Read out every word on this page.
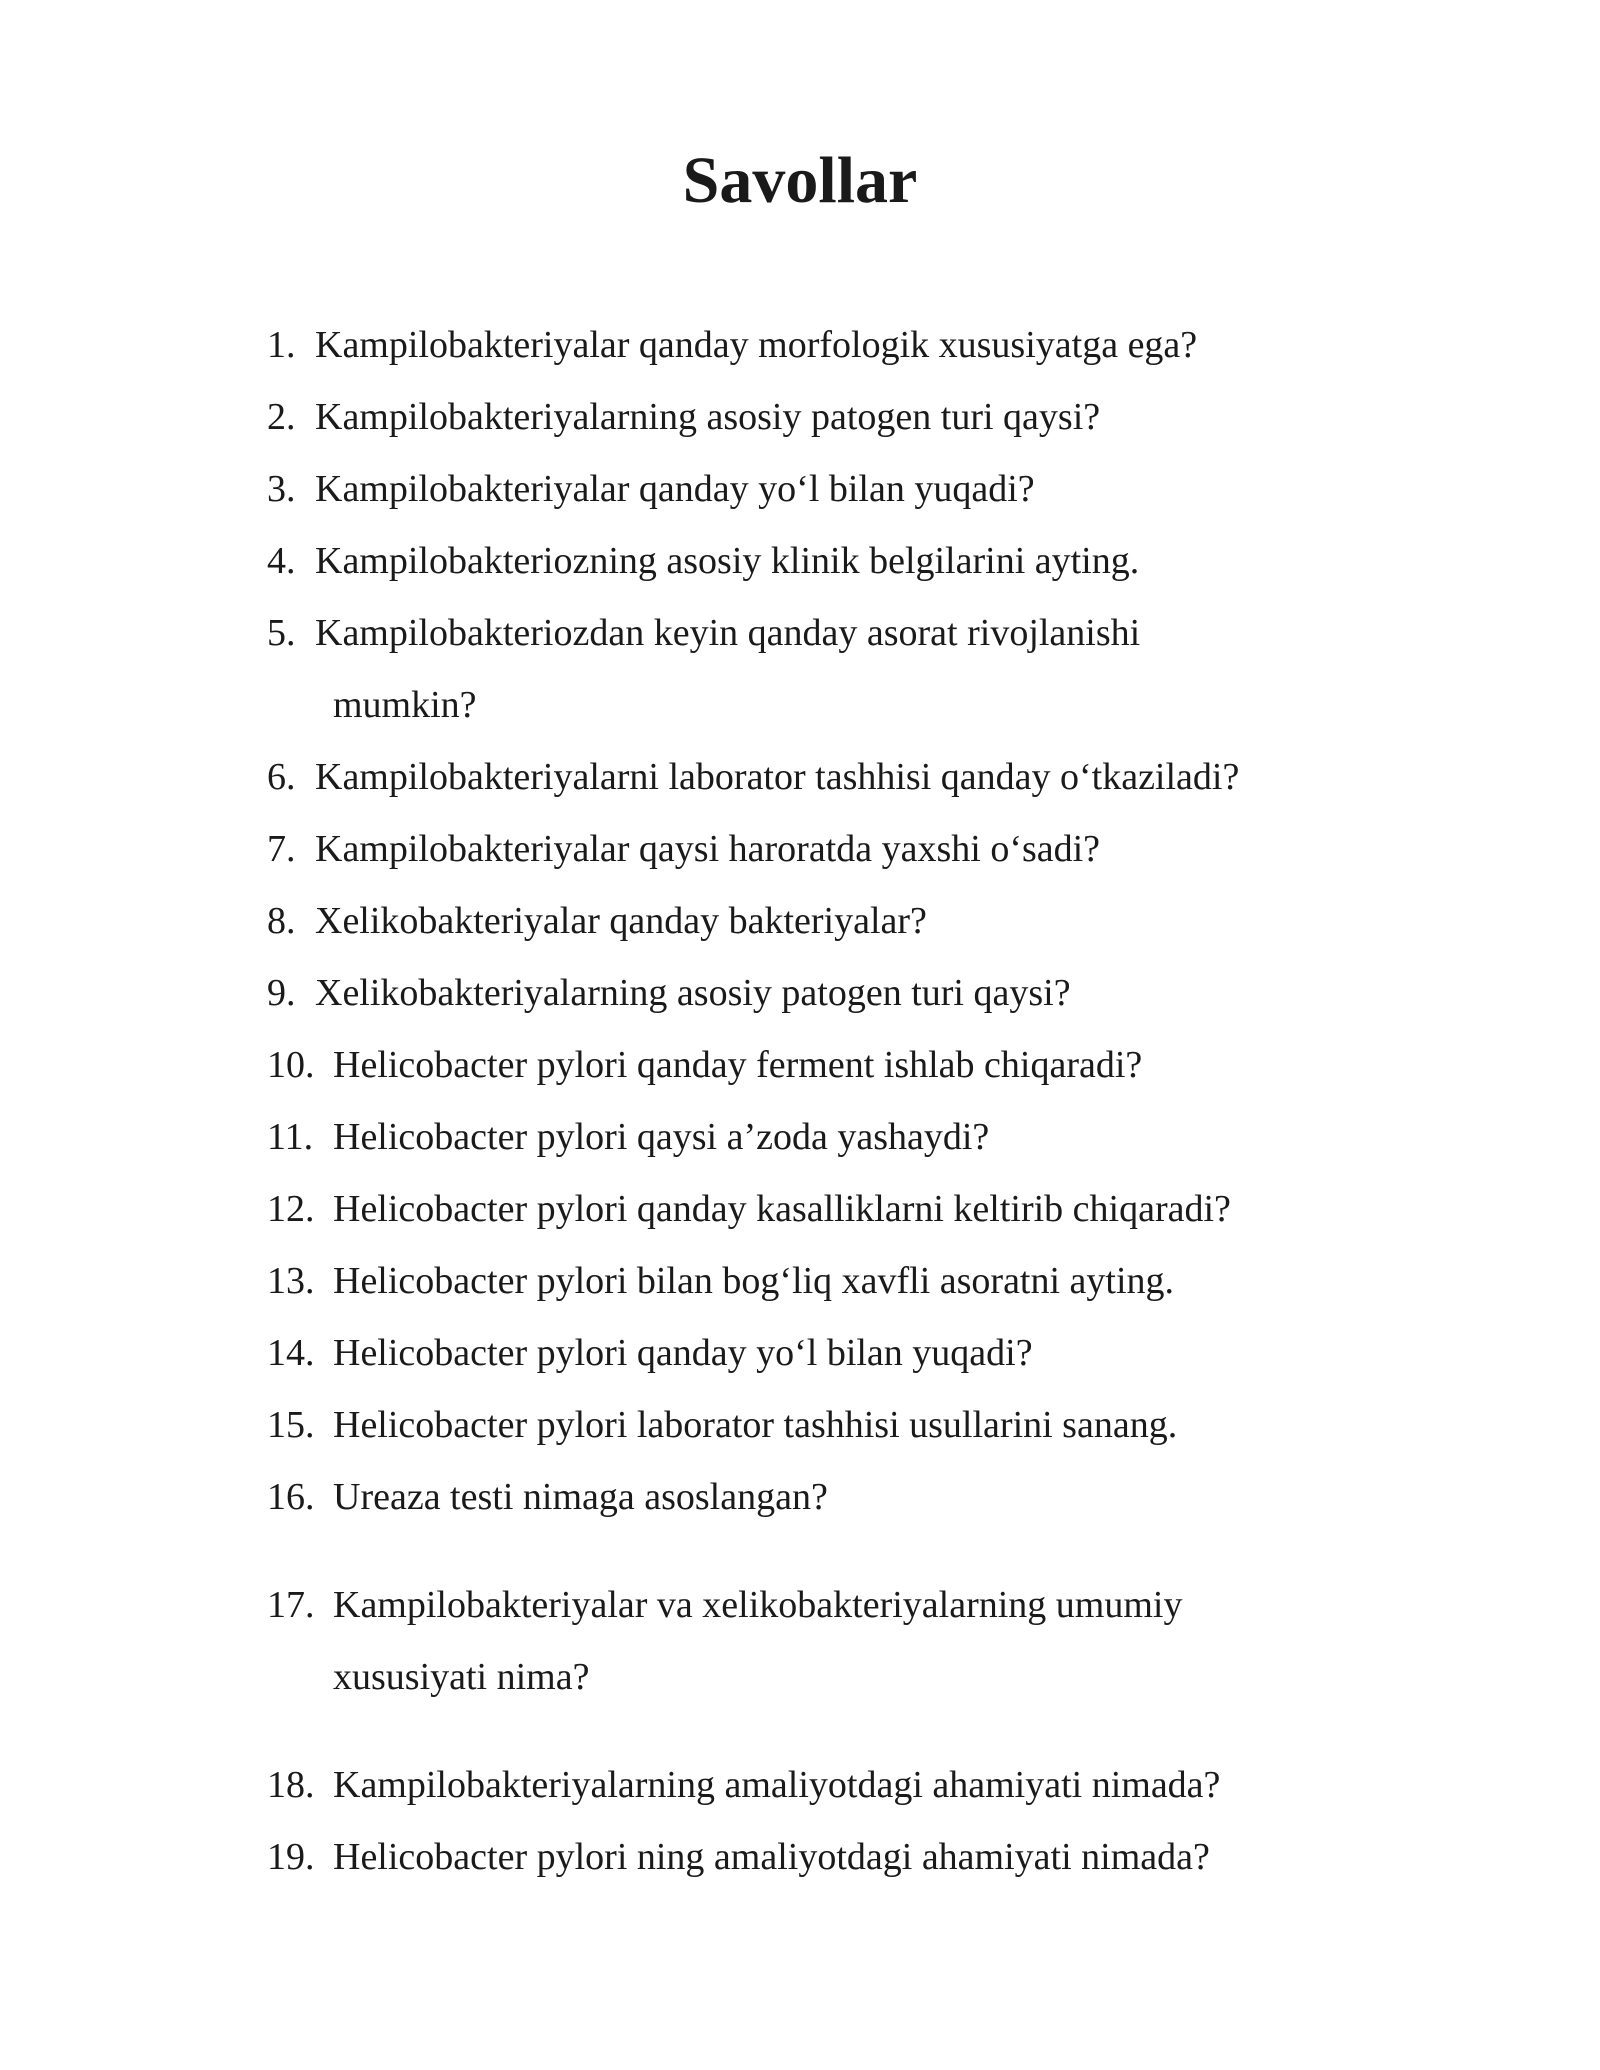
Savollar
1. Kampilobakteriyalar qanday morfologik xususiyatga ega?
2. Kampilobakteriyalarning asosiy patogen turi qaysi?
3. Kampilobakteriyalar qanday yo‘l bilan yuqadi?
4. Kampilobakteriozning asosiy klinik belgilarini ayting.
5. Kampilobakteriozdan keyin qanday asorat rivojlanishi
mumkin?
6. Kampilobakteriyalarni laborator tashhisi qanday o‘tkaziladi?
7. Kampilobakteriyalar qaysi haroratda yaxshi o‘sadi?
8. Xelikobakteriyalar qanday bakteriyalar?
9. Xelikobakteriyalarning asosiy patogen turi qaysi?
10. Helicobacter pylori qanday ferment ishlab chiqaradi?
11. Helicobacter pylori qaysi a’zoda yashaydi?
12. Helicobacter pylori qanday kasalliklarni keltirib chiqaradi?
13. Helicobacter pylori bilan bog‘liq xavfli asoratni ayting.
14. Helicobacter pylori qanday yo‘l bilan yuqadi?
15. Helicobacter pylori laborator tashhisi usullarini sanang.
16. Ureaza testi nimaga asoslangan?
17. Kampilobakteriyalar va xelikobakteriyalarning umumiy
xususiyati nima?
18. Kampilobakteriyalarning amaliyotdagi ahamiyati nimada?
19. Helicobacter pylori ning amaliyotdagi ahamiyati nimada?
